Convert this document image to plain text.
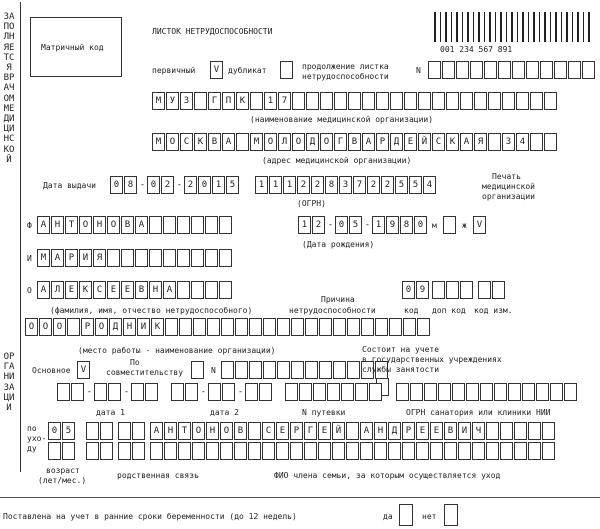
ЗАПОЛНЯЕТСЯ ВРАЧОМ МЕДИЦИНСКОЙ
ОРГАНИЗАЦИИ
Матричный код
ЛИСТОК НЕТРУДОСПОСОБНОСТИ
001 234 567 891
первичный	V	дубликат	продолжение листка
нетрудоспособности
N
М У З	Г П К	1 7
(наименование медицинской организации)
М О С К В А	М О Л О Д О Г В А Р Д Е Й С К А Я	3 4
(адрес медицинской организации)
Дата выдачи	0 8 - 0 2 - 2 0 1 5	1 1 1 2 2 8 3 7 2 2 5 5 4
(ОГРН)
Печать
медицинской
организации
Ф А Н Т О Н О В А	1 2 - 0 5 - 1 9 8 0	м	ж	V
(Дата рождения)
И М А Р И Я
О А Л Е К С Е Е В Н А	0 9
(фамилия, имя, отчество нетрудоспособного)
Причина
нетрудоспособности	код доп код код изм.
О О О	Р О Д Н И К
(место работы - наименование организации)
Основное	V
По
совместительству	N
Состоит на учете
в государственных учреждениях
службы занятости
-	-	-	-
дата 1	дата 2	N путевки	ОГРН санатория или клиники НИИ
по
ухо-
ду
0 5	А Н Т О Н О В	С Е Р Г Е Й	А Н Д Р Е Е В И Ч
возраст
(лет/мес.)
родственная связь	ФИО члена семьи, за которым осуществляется уход
Поставлена на учет в ранние сроки беременности (до 12 недель)	да	нет
